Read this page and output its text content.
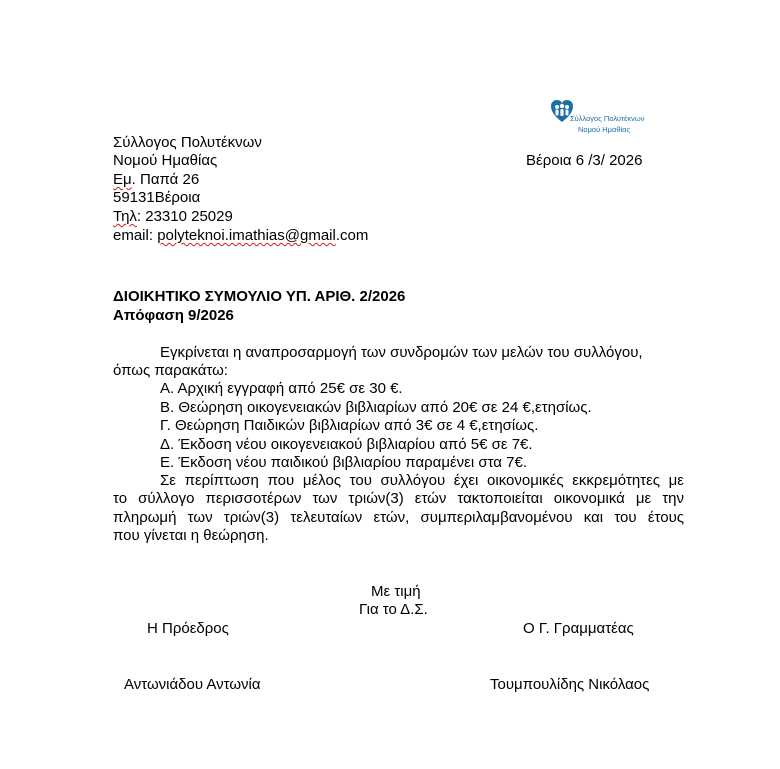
Σύλλογος Πολυτέκνων
Νομού Ημαθίας
Σύλλογος Πολυτέκνων
Νομού Ημαθίας	Βέροια 6 /3/ 2026
Εμ. Παπά 26
59131Βέροια
Τηλ: 23310 25029
email: polyteknoi.imathias@gmail.com
ΔΙΟΙΚΗΤΙΚΟ ΣΥΜΟΥΛΙΟ ΥΠ. ΑΡΙΘ. 2/2026
Απόφαση 9/2026
Εγκρίνεται η αναπροσαρμογή των συνδρομών των μελών του συλλόγου,
όπως παρακάτω:
Α. Αρχική εγγραφή από 25€ σε 30 €.
Β. Θεώρηση οικογενειακών βιβλιαρίων από 20€ σε 24 €,ετησίως.
Γ. Θεώρηση Παιδικών βιβλιαρίων από 3€ σε 4 €,ετησίως.
Δ. Έκδοση νέου οικογενειακού βιβλιαρίου από 5€ σε 7€.
Ε. Έκδοση νέου παιδικού βιβλιαρίου παραμένει στα 7€.
Σε περίπτωση που μέλος του συλλόγου έχει οικονομικές εκκρεμότητες με
το σύλλογο περισσοτέρων των τριών(3) ετών τακτοποιείται οικονομικά με την
πληρωμή των τριών(3) τελευταίων ετών, συμπεριλαμβανομένου και του έτους
που γίνεται η θεώρηση.
Με τιμή
Για το Δ.Σ.
Η Πρόεδρος	Ο Γ. Γραμματέας
Αντωνιάδου Αντωνία	Τουμπουλίδης Νικόλαος
